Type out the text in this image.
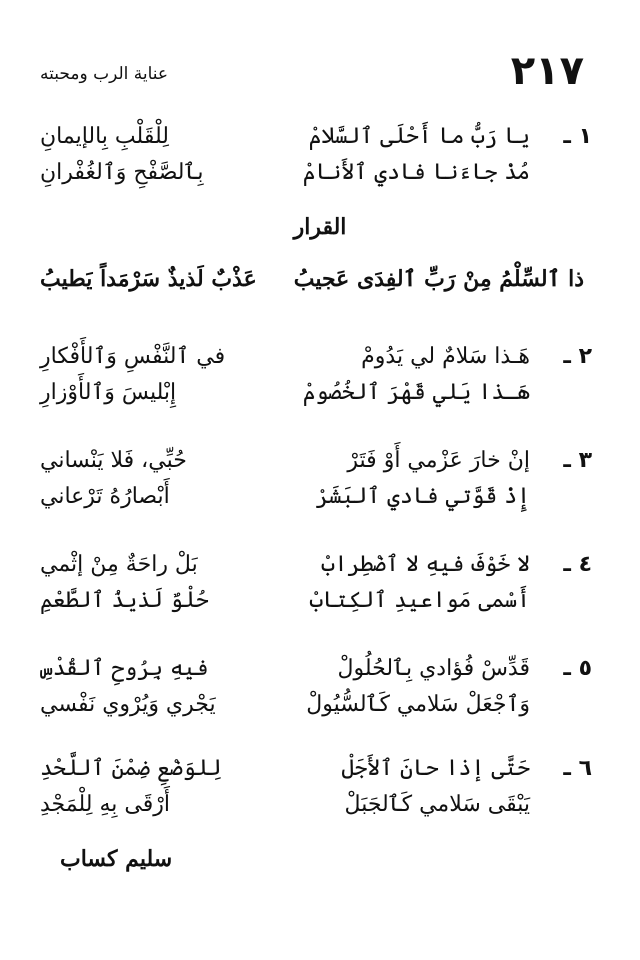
٢١٧
عناية الرب ومحبته
١ ـ
يا رَبُّ ما أَحْلَى ٱلسَّلامْ
لِلْقَلْبِ بِالإيمانِ
مُذْ جاءَنا فادي ٱلأَنامْ
بِٱلصَّفْحِ وَٱلغُفْرانِ
القرار
ذا ٱلسِّلْمُ مِنْ رَبِّ ٱلفِدَى عَجيبُ
عَذْبٌ لَذيذٌ سَرْمَداً يَطيبُ
٢ ـ
هَـذا سَلامٌ لي يَدُومْ
في ٱلنَّفْسِ وَٱلأَفْكارِ
هَـذا يَلي قَهْرَ ٱلخُصُومْ
إِبْليسَ وَٱلأَوْزارِ
٣ ـ
إنْ خارَ عَزْمي أَوْ فَتَرْ
حُبِّي، فَلا يَنْساني
إِذْ قَوَّتي فادي ٱلبَشَرْ
أَبْصارُهُ تَرْعاني
٤ ـ
لا خَوْفَ فيهِ لا ٱضْطِرابْ
بَلْ راحَةٌ مِنْ إثْمي
أَسْمى مَواعيدِ ٱلكِتابْ
حُلْوٌ لَذيذُ ٱلطَّعْمِ
٥ ـ
قَدِّسْ فُؤادي بِٱلحُلُولْ
فيهِ بِرُوحِ ٱلقُدْسِ
وَٱجْعَلْ سَلامي كَٱلسُّيُولْ
يَجْري وَيُرْوي نَفْسي
٦ ـ
حَتَّى إذا حانَ ٱلأَجَلْ
لِلوَضْعِ ضِمْنَ ٱللَّحْدِ
يَبْقَى سَلامي كَٱلجَبَلْ
أَرْقَى بِهِ لِلْمَجْدِ
سليم كساب
